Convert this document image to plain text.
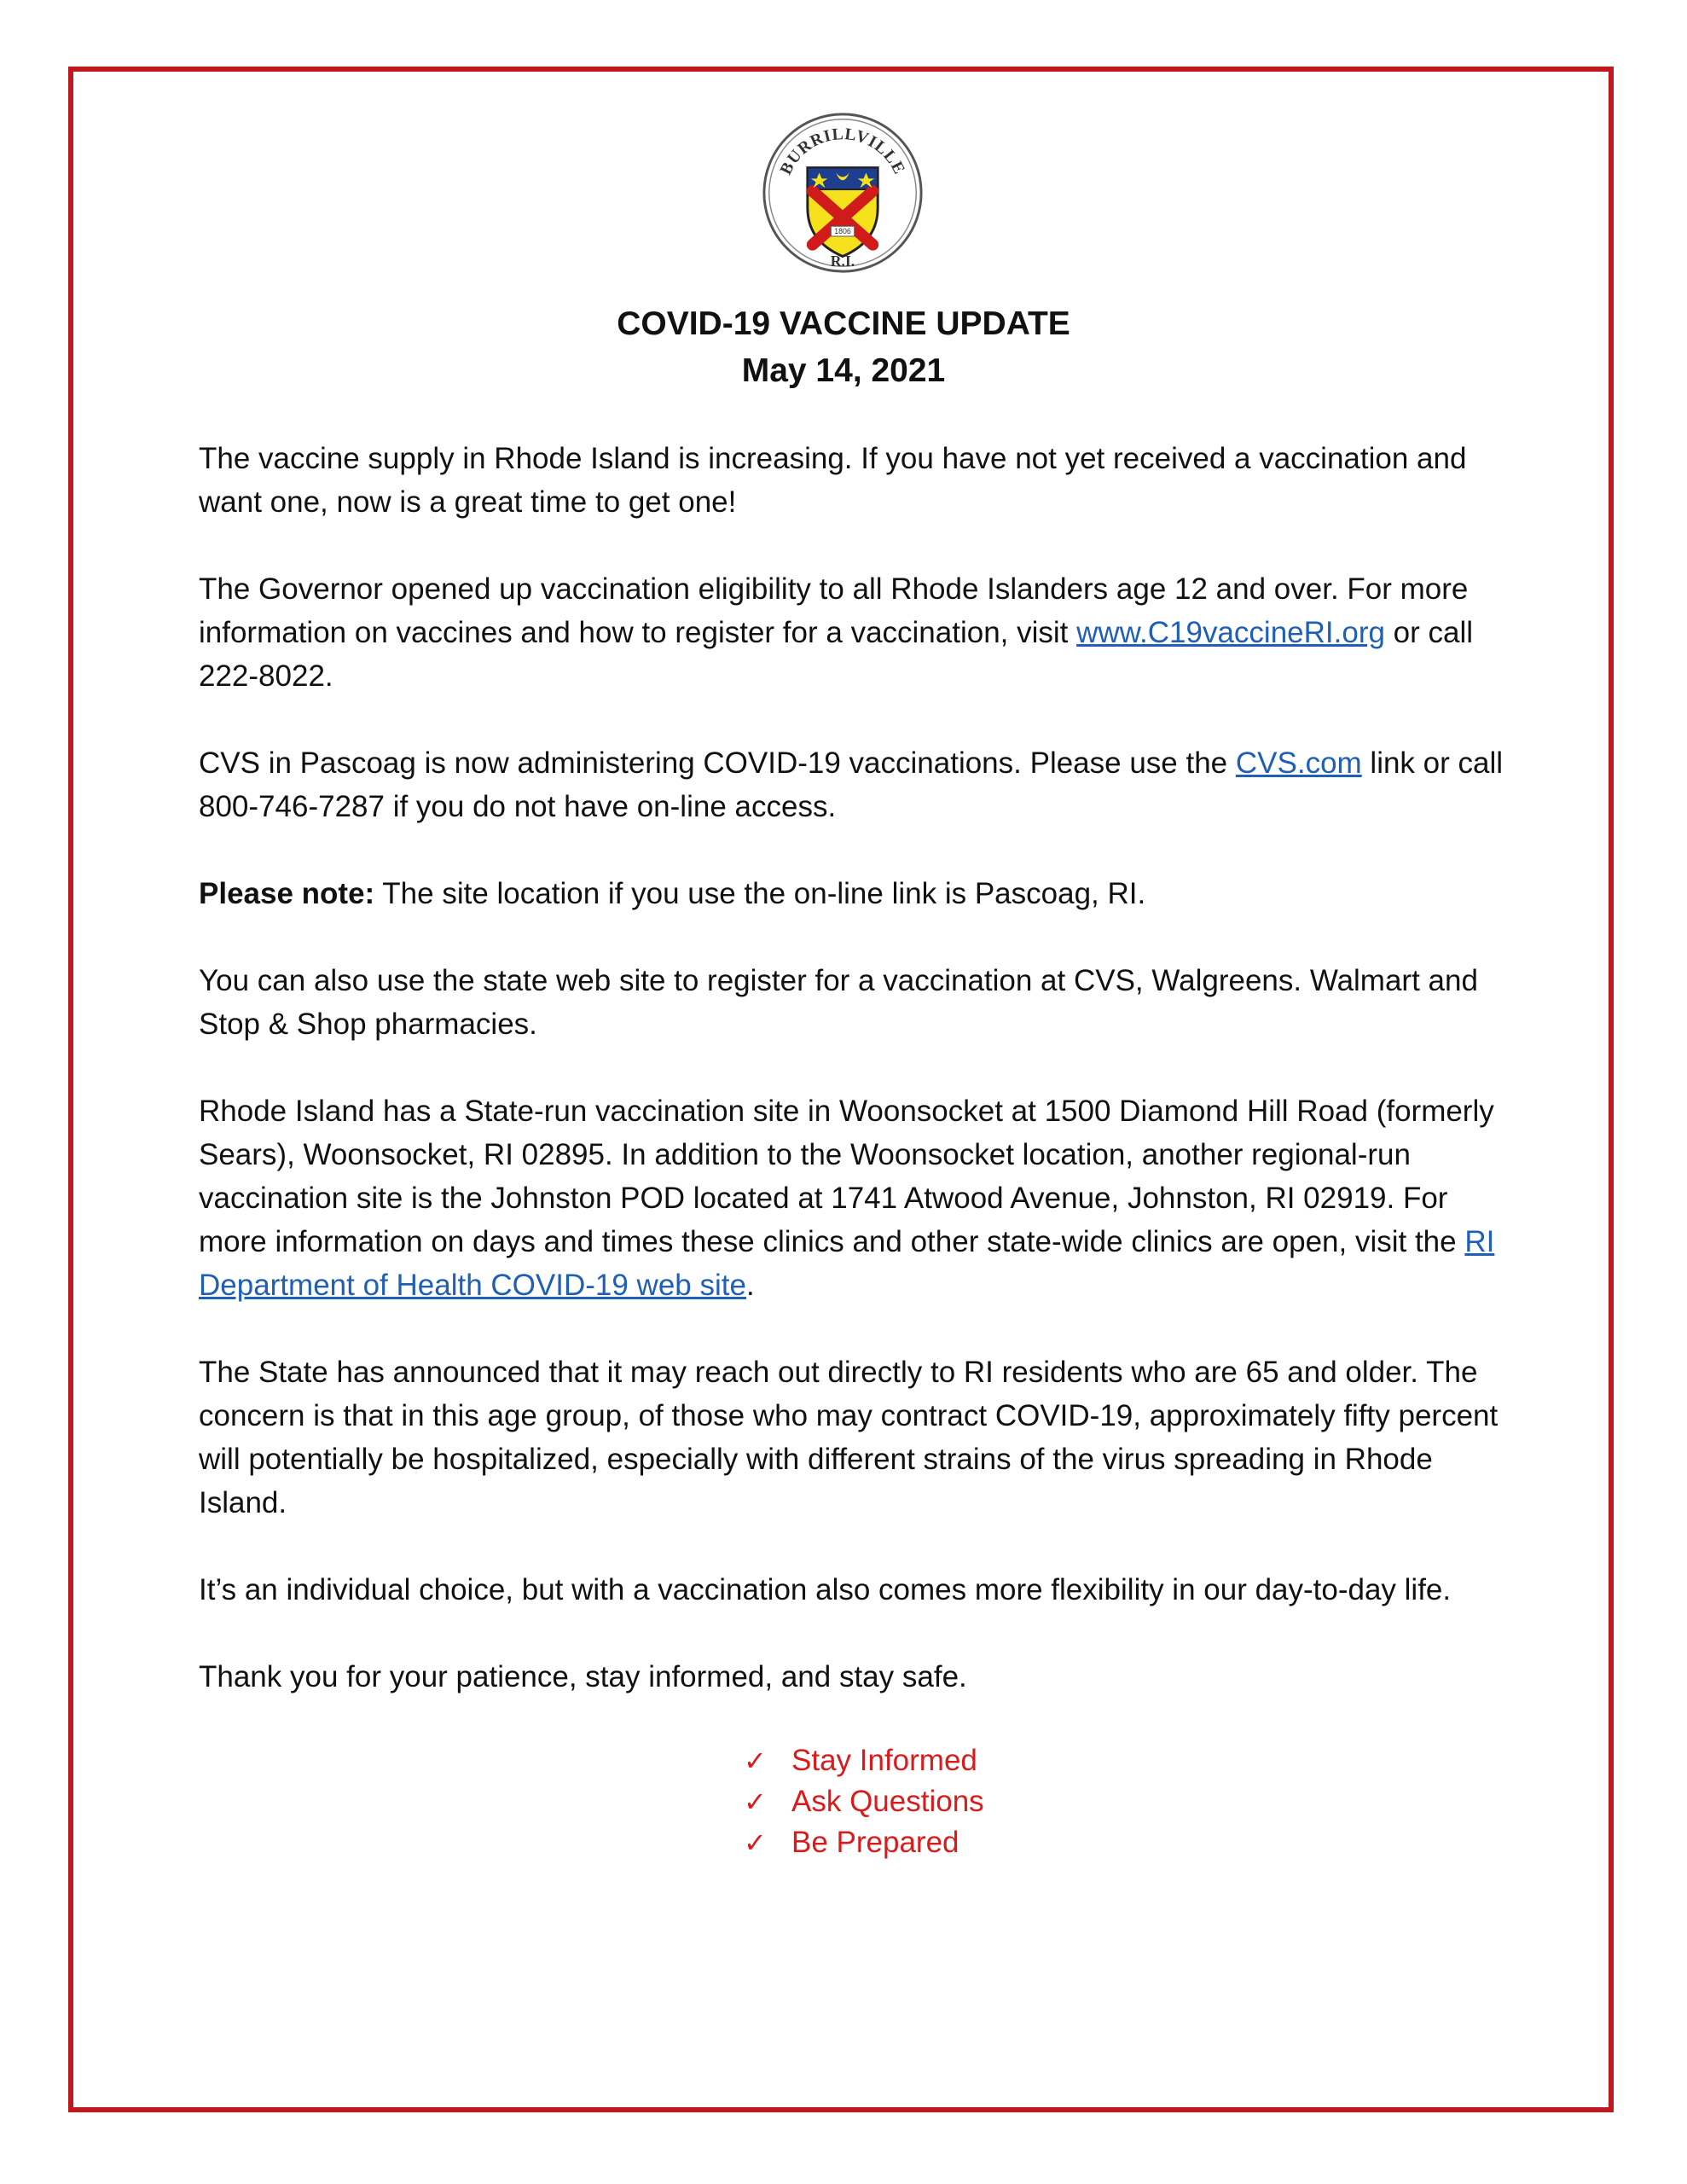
BURRILLVILLE
1806
R.I.
COVID-19 VACCINE UPDATE
May 14, 2021

The vaccine supply in Rhode Island is increasing. If you have not yet received a vaccination and want one, now is a great time to get one!

The Governor opened up vaccination eligibility to all Rhode Islanders age 12 and over. For more information on vaccines and how to register for a vaccination, visit www.C19vaccineRI.org or call 222-8022.

CVS in Pascoag is now administering COVID-19 vaccinations. Please use the CVS.com link or call 800-746-7287 if you do not have on-line access.

Please note: The site location if you use the on-line link is Pascoag, RI.

You can also use the state web site to register for a vaccination at CVS, Walgreens. Walmart and Stop & Shop pharmacies.

Rhode Island has a State-run vaccination site in Woonsocket at 1500 Diamond Hill Road (formerly Sears), Woonsocket, RI 02895. In addition to the Woonsocket location, another regional-run vaccination site is the Johnston POD located at 1741 Atwood Avenue, Johnston, RI 02919. For more information on days and times these clinics and other state-wide clinics are open, visit the RI Department of Health COVID-19 web site.

The State has announced that it may reach out directly to RI residents who are 65 and older. The concern is that in this age group, of those who may contract COVID-19, approximately fifty percent will potentially be hospitalized, especially with different strains of the virus spreading in Rhode Island.

It’s an individual choice, but with a vaccination also comes more flexibility in our day-to-day life.

Thank you for your patience, stay informed, and stay safe.

✓ Stay Informed
✓ Ask Questions
✓ Be Prepared
